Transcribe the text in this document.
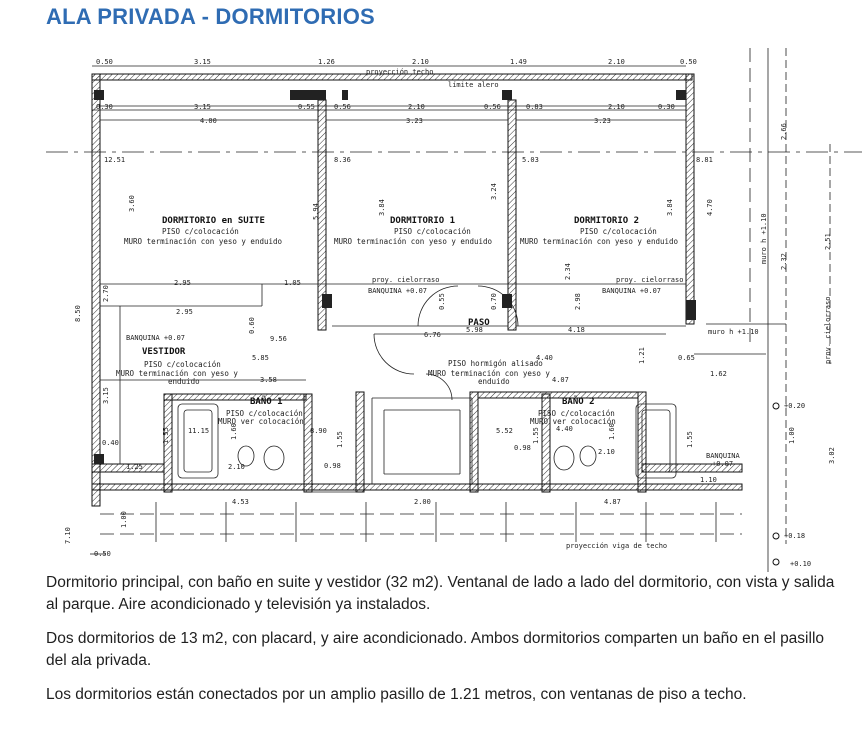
ALA PRIVADA - DORMITORIOS
DORMITORIO en SUITE
PISO c/colocación
MURO terminación con yeso y enduido
DORMITORIO 1
PISO c/colocación
MURO terminación con yeso y enduido
DORMITORIO 2
PISO c/colocación
MURO terminación con yeso y enduido
VESTIDOR
PISO c/colocación
MURO terminación con yeso y
enduido
PASO
PISO hormigón alisado
MURO terminación con yeso y
enduido
BAÑO 1
PISO c/colocación
MURO ver colocación
BAÑO 2
PISO c/colocación
MURO ver colocación
proyección techo
límite alero
proy. cielorraso	proy. cielorraso
BANQUINA +0.07	BANQUINA +0.07
BANQUINA +0.07
BANQUINA
+0.07
proyección viga de techo
muro h +1.10
muro h +1.10
prov. cielorraso
0.50	3.15	1.26	2.10	1.49	2.10	0.50
0.30	3.15	0.55	0.56	2.10	0.56	0.83	2.10	0.30
4.00	3.23	3.23
12.51	8.36	5.03	8.81
3.60	5.94	3.84
3.24
3.84	4.70
2.95	1.05
2.95
2.34
0.70
0.55	2.98
8.50
2.70
0.60
9.56	6.76
5.98	4.18
5.85	4.40	0.65
1.21
3.58	4.07
1.62
11.15	8.90	5.52	4.40
0.40
3.15
1.25	2.10	0.98
0.98	2.10
1.10
1.55	1.55	1.55	1.55
1.60	1.60
4.53	2.00	4.87
1.00
7.10
0.50
2.66
2.51
2.32
3.02
1.00
+0.20
+0.18
+0.10

Dormitorio principal, con baño en suite y vestidor (32 m2). Ventanal de lado a lado del dormitorio, con vista y salida al parque. Aire acondicionado y televisión ya instalados.

Dos dormitorios de 13 m2, con placard, y aire acondicionado. Ambos dormitorios comparten un baño en el pasillo del ala privada.

Los dormitorios están conectados por un amplio pasillo de 1.21 metros, con ventanas de piso a techo.
